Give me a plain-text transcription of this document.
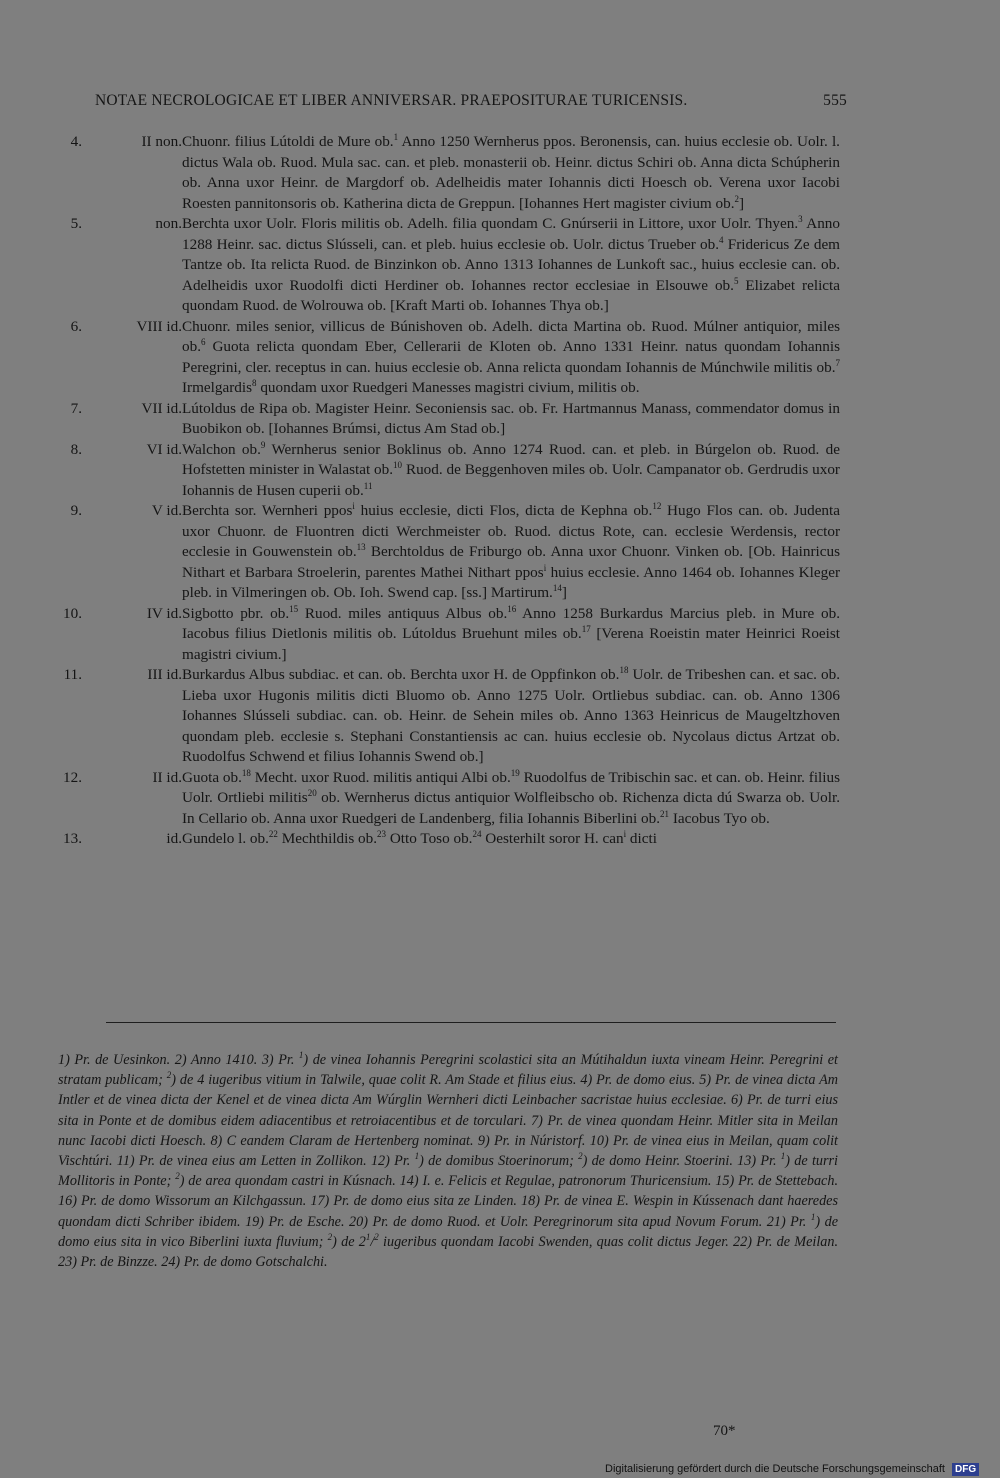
NOTAE NECROLOGICAE ET LIBER ANNIVERSAR. PRAEPOSITURAE TURICENSIS.	555
4.	II non. Chuonr. filius Lútoldi de Mure ob.$^1$ Anno 1250 Wernherus ppos. Beronensis, can. huius ecclesie ob. Uolr. l. dictus Wala ob. Ruod. Mula sac. can. et pleb. monasterii ob. Heinr. dictus Schiri ob. Anna dicta Schúpherin ob. Anna uxor Heinr. de Margdorf ob. Adelheidis mater Iohannis dicti Hoesch ob. Verena uxor Iacobi Roesten pannitonsoris ob. Katherina dicta de Greppun. [Iohannes Hert magister civium ob.$^2$]
5.	non. Berchta uxor Uolr. Floris militis ob. Adelh. filia quondam C. Gnúrserii in Littore, uxor Uolr. Thyen.$^3$ Anno 1288 Heinr. sac. dictus Slússeli, can. et pleb. huius ecclesie ob. Uolr. dictus Trueber ob.$^4$ Fridericus Ze dem Tantze ob. Ita relicta Ruod. de Binzinkon ob. Anno 1313 Iohannes de Lunkoft sac., huius ecclesie can. ob. Adelheidis uxor Ruodolfi dicti Herdiner ob. Iohannes rector ecclesiae in Elsouwe ob.$^5$ Elizabet relicta quondam Ruod. de Wolrouwa ob. [Kraft Marti ob. Iohannes Thya ob.]
6.	VIII id. Chuonr. miles senior, villicus de Búnishoven ob. Adelh. dicta Martina ob. Ruod. Múlner antiquior, miles ob.$^6$ Guota relicta quondam Eber, Cellerarii de Kloten ob. Anno 1331 Heinr. natus quondam Iohannis Peregrini, cler. receptus in can. huius ecclesie ob. Anna relicta quondam Iohannis de Múnchwile militis ob.$^7$ Irmelgardis$^8$ quondam uxor Ruedgeri Manesses magistri civium, militis ob.
7.	VII id. Lútoldus de Ripa ob. Magister Heinr. Seconiensis sac. ob. Fr. Hartmannus Manass, commendator domus in Buobikon ob. [Iohannes Brúmsi, dictus Am Stad ob.]
8.	VI id. Walchon ob.$^9$ Wernherus senior Boklinus ob. Anno 1274 Ruod. can. et pleb. in Búrgelon ob. Ruod. de Hofstetten minister in Walastat ob.$^{10}$ Ruod. de Beggenhoven miles ob. Uolr. Campanator ob. Gerdrudis uxor Iohannis de Husen cuperii ob.$^{11}$
9.	V id. Berchta sor. Wernheri ppos$^i$ huius ecclesie, dicti Flos, dicta de Kephna ob.$^{12}$ Hugo Flos can. ob. Judenta uxor Chuonr. de Fluontren dicti Werchmeister ob. Ruod. dictus Rote, can. ecclesie Werdensis, rector ecclesie in Gouwenstein ob.$^{13}$ Berchtoldus de Friburgo ob. Anna uxor Chuonr. Vinken ob. [Ob. Hainricus Nithart et Barbara Stroelerin, parentes Mathei Nithart ppos$^i$ huius ecclesie. Anno 1464 ob. Iohannes Kleger pleb. in Vilmeringen ob. Ob. Ioh. Swend cap. [ss.] Martirum.$^{14}$]
10.	IV id. Sigbotto pbr. ob.$^{15}$ Ruod. miles antiquus Albus ob.$^{16}$ Anno 1258 Burkardus Marcius pleb. in Mure ob. Iacobus filius Dietlonis militis ob. Lútoldus Bruehunt miles ob.$^{17}$ [Verena Roeistin mater Heinrici Roeist magistri civium.]
11.	III id. Burkardus Albus subdiac. et can. ob. Berchta uxor H. de Oppfinkon ob.$^{18}$ Uolr. de Tribeshen can. et sac. ob. Lieba uxor Hugonis militis dicti Bluomo ob. Anno 1275 Uolr. Ortliebus subdiac. can. ob. Anno 1306 Iohannes Slússeli subdiac. can. ob. Heinr. de Sehein miles ob. Anno 1363 Heinricus de Maugeltzhoven quondam pleb. ecclesie s. Stephani Constantiensis ac can. huius ecclesie ob. Nycolaus dictus Artzat ob. Ruodolfus Schwend et filius Iohannis Swend ob.]
12.	II id. Guota ob.$^{18}$ Mecht. uxor Ruod. militis antiqui Albi ob.$^{19}$ Ruodolfus de Tribischin sac. et can. ob. Heinr. filius Uolr. Ortliebi militis$^{20}$ ob. Wernherus dictus antiquior Wolfleibscho ob. Richenza dicta dú Swarza ob. Uolr. In Cellario ob. Anna uxor Ruedgeri de Landenberg, filia Iohannis Biberlini ob.$^{21}$ Iacobus Tyo ob.
13.	id. Gundelo l. ob.$^{22}$ Mechthildis ob.$^{23}$ Otto Toso ob.$^{24}$ Oesterhilt soror H. can$^i$ dicti
1) Pr. de Uesinkon. 2) Anno 1410. 3) Pr. $^1$) de vinea Iohannis Peregrini scolastici sita an Mútihaldun iuxta vineam Heinr. Peregrini et stratam publicam; $^2$) de 4 iugeribus vitium in Talwile, quae colit R. Am Stade et filius eius. 4) Pr. de domo eius. 5) Pr. de vinea dicta Am Intler et de vinea dicta der Kenel et de vinea dicta Am Wúrglin Wernheri dicti Leinbacher sacristae huius ecclesiae. 6) Pr. de turri eius sita in Ponte et de domibus eidem adiacentibus et retroiacentibus et de torculari. 7) Pr. de vinea quondam Heinr. Mitler sita in Meilan nunc Iacobi dicti Hoesch. 8) C eandem Claram de Hertenberg nominat. 9) Pr. in Núristorf. 10) Pr. de vinea eius in Meilan, quam colit Vischtúri. 11) Pr. de vinea eius am Letten in Zollikon. 12) Pr. $^1$) de domibus Stoerinorum; $^2$) de domo Heinr. Stoerini. 13) Pr. $^1$) de turri Mollitoris in Ponte; $^2$) de area quondam castri in Kúsnach. 14) I. e. Felicis et Regulae, patronorum Thuricensium. 15) Pr. de Stettebach. 16) Pr. de domo Wissorum an Kilchgassun. 17) Pr. de domo eius sita ze Linden. 18) Pr. de vinea E. Wespin in Kússenach dant haeredes quondam dicti Schriber ibidem. 19) Pr. de Esche. 20) Pr. de domo Ruod. et Uolr. Peregrinorum sita apud Novum Forum. 21) Pr. $^1$) de domo eius sita in vico Biberlini iuxta fluvium; $^2$) de $2^1/^2$ iugeribus quondam Iacobi Swenden, quas colit dictus Jeger. 22) Pr. de Meilan. 23) Pr. de Binzze. 24) Pr. de domo Gotschalchi.
70*
Digitalisierung gefördert durch die Deutsche Forschungsgemeinschaft DFG
